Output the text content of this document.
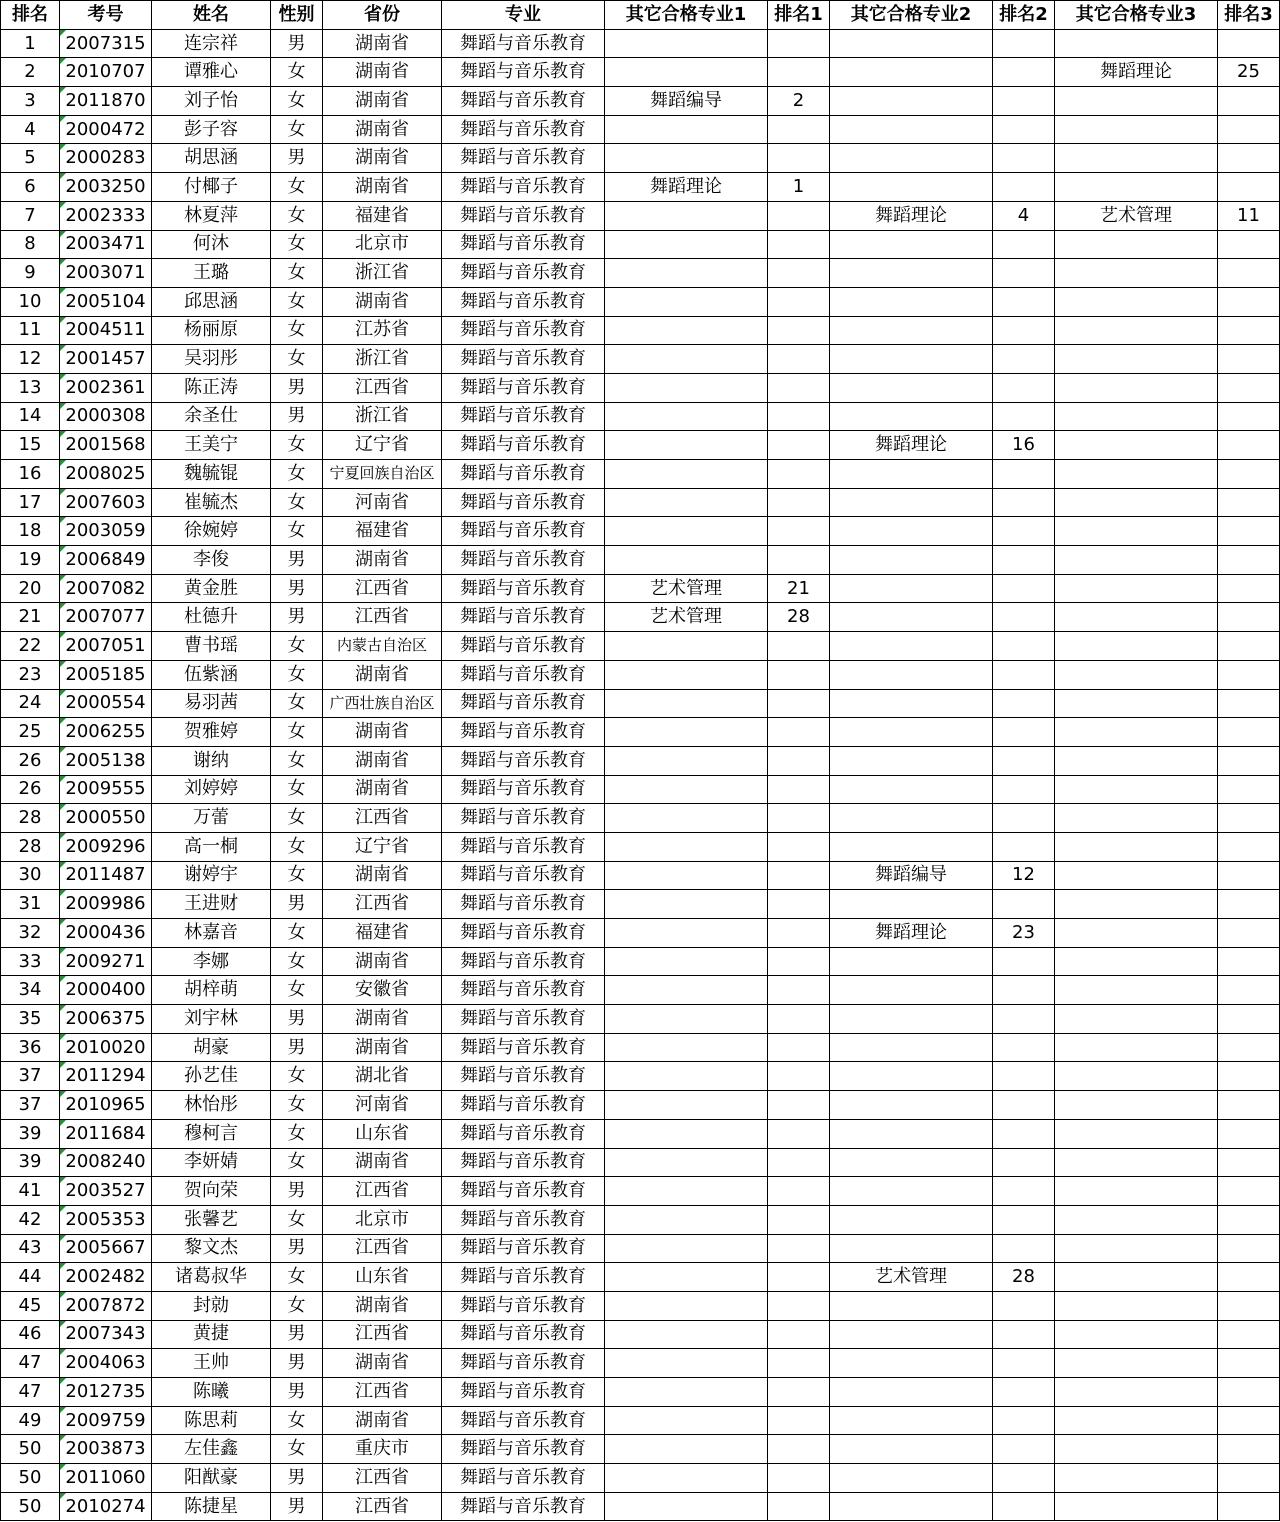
排名	考号	姓名	性别	省份	专业	其它合格专业1	排名1	其它合格专业2	排名2	其它合格专业3	排名3
1	2007315	连宗祥	男	湖南省	舞蹈与音乐教育						
2	2010707	谭雅心	女	湖南省	舞蹈与音乐教育					舞蹈理论	25
3	2011870	刘子怡	女	湖南省	舞蹈与音乐教育	舞蹈编导	2				
4	2000472	彭子容	女	湖南省	舞蹈与音乐教育						
5	2000283	胡思涵	男	湖南省	舞蹈与音乐教育						
6	2003250	付椰子	女	湖南省	舞蹈与音乐教育	舞蹈理论	1				
7	2002333	林夏萍	女	福建省	舞蹈与音乐教育			舞蹈理论	4	艺术管理	11
8	2003471	何沐	女	北京市	舞蹈与音乐教育						
9	2003071	王璐	女	浙江省	舞蹈与音乐教育						
10	2005104	邱思涵	女	湖南省	舞蹈与音乐教育						
11	2004511	杨丽原	女	江苏省	舞蹈与音乐教育						
12	2001457	吴羽彤	女	浙江省	舞蹈与音乐教育						
13	2002361	陈正涛	男	江西省	舞蹈与音乐教育						
14	2000308	余圣仕	男	浙江省	舞蹈与音乐教育						
15	2001568	王美宁	女	辽宁省	舞蹈与音乐教育			舞蹈理论	16		
16	2008025	魏毓锟	女	宁夏回族自治区	舞蹈与音乐教育						
17	2007603	崔毓杰	女	河南省	舞蹈与音乐教育						
18	2003059	徐婉婷	女	福建省	舞蹈与音乐教育						
19	2006849	李俊	男	湖南省	舞蹈与音乐教育						
20	2007082	黄金胜	男	江西省	舞蹈与音乐教育	艺术管理	21				
21	2007077	杜德升	男	江西省	舞蹈与音乐教育	艺术管理	28				
22	2007051	曹书瑶	女	内蒙古自治区	舞蹈与音乐教育						
23	2005185	伍紫涵	女	湖南省	舞蹈与音乐教育						
24	2000554	易羽茜	女	广西壮族自治区	舞蹈与音乐教育						
25	2006255	贺雅婷	女	湖南省	舞蹈与音乐教育						
26	2005138	谢纳	女	湖南省	舞蹈与音乐教育						
26	2009555	刘婷婷	女	湖南省	舞蹈与音乐教育						
28	2000550	万蕾	女	江西省	舞蹈与音乐教育						
28	2009296	高一桐	女	辽宁省	舞蹈与音乐教育						
30	2011487	谢婷宇	女	湖南省	舞蹈与音乐教育			舞蹈编导	12		
31	2009986	王进财	男	江西省	舞蹈与音乐教育						
32	2000436	林嘉音	女	福建省	舞蹈与音乐教育			舞蹈理论	23		
33	2009271	李娜	女	湖南省	舞蹈与音乐教育						
34	2000400	胡梓萌	女	安徽省	舞蹈与音乐教育						
35	2006375	刘宇林	男	湖南省	舞蹈与音乐教育						
36	2010020	胡豪	男	湖南省	舞蹈与音乐教育						
37	2011294	孙艺佳	女	湖北省	舞蹈与音乐教育						
37	2010965	林怡彤	女	河南省	舞蹈与音乐教育						
39	2011684	穆柯言	女	山东省	舞蹈与音乐教育						
39	2008240	李妍婧	女	湖南省	舞蹈与音乐教育						
41	2003527	贺向荣	男	江西省	舞蹈与音乐教育						
42	2005353	张馨艺	女	北京市	舞蹈与音乐教育						
43	2005667	黎文杰	男	江西省	舞蹈与音乐教育						
44	2002482	诸葛叔华	女	山东省	舞蹈与音乐教育			艺术管理	28		
45	2007872	封勍	女	湖南省	舞蹈与音乐教育						
46	2007343	黄捷	男	江西省	舞蹈与音乐教育						
47	2004063	王帅	男	湖南省	舞蹈与音乐教育						
47	2012735	陈曦	男	江西省	舞蹈与音乐教育						
49	2009759	陈思莉	女	湖南省	舞蹈与音乐教育						
50	2003873	左佳鑫	女	重庆市	舞蹈与音乐教育						
50	2011060	阳猷豪	男	江西省	舞蹈与音乐教育						
50	2010274	陈捷星	男	江西省	舞蹈与音乐教育						
